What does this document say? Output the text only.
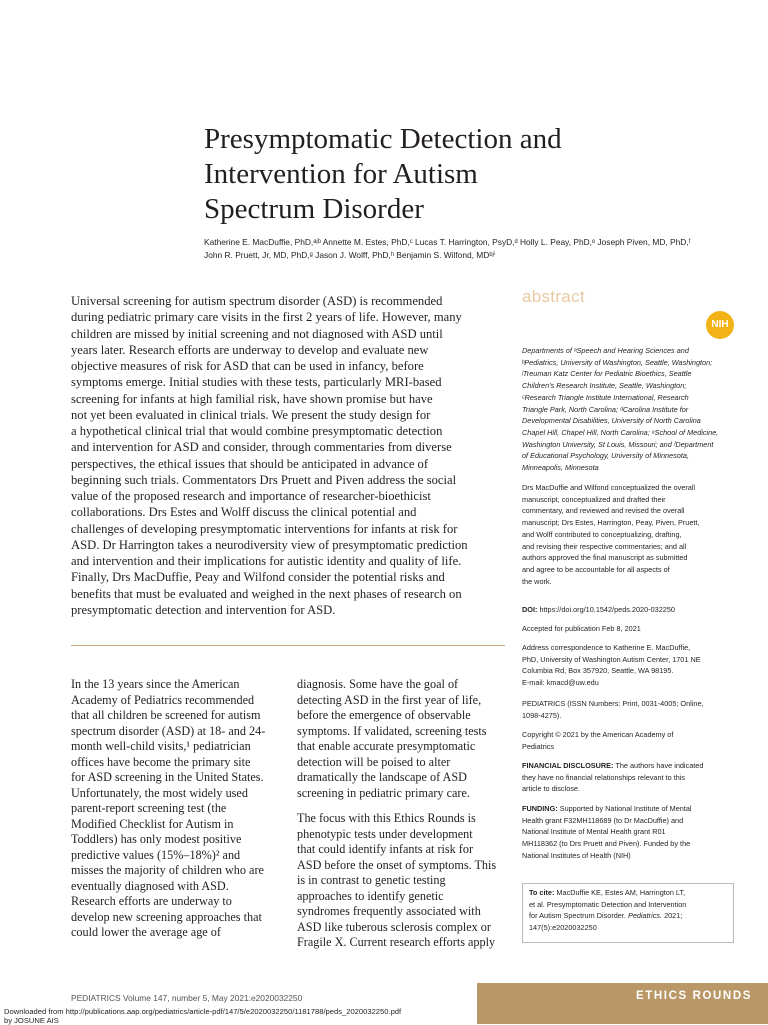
Presymptomatic Detection and
Intervention for Autism
Spectrum Disorder
Katherine E. MacDuffie, PhD,ᵃʲᵇ Annette M. Estes, PhD,ᶜ Lucas T. Harrington, PsyD,ᵈ Holly L. Peay, PhD,ᵉ Joseph Piven, MD, PhD,ᶠ
John R. Pruett, Jr, MD, PhD,ᵍ Jason J. Wolff, PhD,ʰ Benjamin S. Wilfond, MDᵇʲⁱ
Universal screening for autism spectrum disorder (ASD) is recommended
during pediatric primary care visits in the first 2 years of life. However, many
children are missed by initial screening and not diagnosed with ASD until
years later. Research efforts are underway to develop and evaluate new
objective measures of risk for ASD that can be used in infancy, before
symptoms emerge. Initial studies with these tests, particularly MRI-based
screening for infants at high familial risk, have shown promise but have
not yet been evaluated in clinical trials. We present the study design for
a hypothetical clinical trial that would combine presymptomatic detection
and intervention for ASD and consider, through commentaries from diverse
perspectives, the ethical issues that should be anticipated in advance of
beginning such trials. Commentators Drs Pruett and Piven address the social
value of the proposed research and importance of researcher-bioethicist
collaborations. Drs Estes and Wolff discuss the clinical potential and
challenges of developing presymptomatic interventions for infants at risk for
ASD. Dr Harrington takes a neurodiversity view of presymptomatic prediction
and intervention and their implications for autistic identity and quality of life.
Finally, Drs MacDuffie, Peay and Wilfond consider the potential risks and
benefits that must be evaluated and weighed in the next phases of research on
presymptomatic detection and intervention for ASD.
abstract
NIH
In the 13 years since the American
Academy of Pediatrics recommended
that all children be screened for autism
spectrum disorder (ASD) at 18- and 24-
month well-child visits,¹ pediatrician
offices have become the primary site
for ASD screening in the United States.
Unfortunately, the most widely used
parent-report screening test (the
Modified Checklist for Autism in
Toddlers) has only modest positive
predictive values (15%–18%)² and
misses the majority of children who are
eventually diagnosed with ASD.
Research efforts are underway to
develop new screening approaches that
could lower the average age of
diagnosis. Some have the goal of
detecting ASD in the first year of life,
before the emergence of observable
symptoms. If validated, screening tests
that enable accurate presymptomatic
detection will be poised to alter
dramatically the landscape of ASD
screening in pediatric primary care.
The focus with this Ethics Rounds is
phenotypic tests under development
that could identify infants at risk for
ASD before the onset of symptoms. This
is in contrast to genetic testing
approaches to identify genetic
syndromes frequently associated with
ASD like tuberous sclerosis complex or
Fragile X. Current research efforts apply
Departments of ᵃSpeech and Hearing Sciences and
ᵇPediatrics, University of Washington, Seattle, Washington;
ʲTreuman Katz Center for Pediatric Bioethics, Seattle
Children's Research Institute, Seattle, Washington;
ᶜResearch Triangle Institute International, Research
Triangle Park, North Carolina; ᵈCarolina Institute for
Developmental Disabilities, University of North Carolina
Chapel Hill, Chapel Hill, North Carolina; ᵉSchool of Medicine,
Washington University, St Louis, Missouri; and ᶠDepartment
of Educational Psychology, University of Minnesota,
Minneapolis, Minnesota
Drs MacDuffie and Wilfond conceptualized the overall
manuscript, conceptualized and drafted their
commentary, and reviewed and revised the overall
manuscript; Drs Estes, Harrington, Peay, Piven, Pruett,
and Wolff contributed to conceptualizing, drafting,
and revising their respective commentaries; and all
authors approved the final manuscript as submitted
and agree to be accountable for all aspects of
the work.
DOI: https://doi.org/10.1542/peds.2020-032250
Accepted for publication Feb 8, 2021
Address correspondence to Katherine E. MacDuffie,
PhD, University of Washington Autism Center, 1701 NE
Columbia Rd, Box 357920, Seattle, WA 98195.
E-mail: kmacd@uw.edu
PEDIATRICS (ISSN Numbers: Print, 0031-4005; Online,
1098-4275).
Copyright © 2021 by the American Academy of
Pediatrics
FINANCIAL DISCLOSURE: The authors have indicated
they have no financial relationships relevant to this
article to disclose.
FUNDING: Supported by National Institute of Mental
Health grant F32MH118689 (to Dr MacDuffie) and
National Institute of Mental Health grant R01
MH118362 (to Drs Pruett and Piven). Funded by the
National Institutes of Health (NIH)
To cite: MacDuffie KE, Estes AM, Harrington LT,
et al. Presymptomatic Detection and Intervention
for Autism Spectrum Disorder. Pediatrics. 2021;
147(5):e2020032250
PEDIATRICS Volume 147, number 5, May 2021:e2020032250	ETHICS ROUNDS
Downloaded from http://publications.aap.org/pediatrics/article-pdf/147/5/e2020032250/1181788/peds_2020032250.pdf
by JOSUNE AIS
